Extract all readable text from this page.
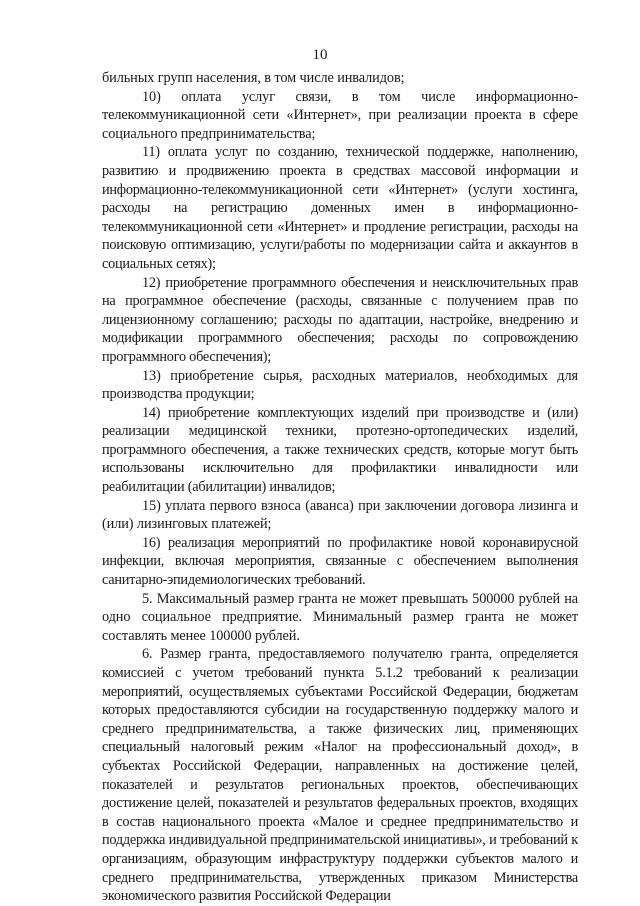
10

бильных групп населения, в том числе инвалидов;

10) оплата услуг связи, в том числе информационно-телекоммуникационной сети «Интернет», при реализации проекта в сфере социального предпринимательства;

11) оплата услуг по созданию, технической поддержке, наполнению, развитию и продвижению проекта в средствах массовой информации и информационно-телекоммуникационной сети «Интернет» (услуги хостинга, расходы на регистрацию доменных имен в информационно-телекоммуникационной сети «Интернет» и продление регистрации, расходы на поисковую оптимизацию, услуги/работы по модернизации сайта и аккаунтов в социальных сетях);

12) приобретение программного обеспечения и неисключительных прав на программное обеспечение (расходы, связанные с получением прав по лицензионному соглашению; расходы по адаптации, настройке, внедрению и модификации программного обеспечения; расходы по сопровождению программного обеспечения);

13) приобретение сырья, расходных материалов, необходимых для производства продукции;

14) приобретение комплектующих изделий при производстве и (или) реализации медицинской техники, протезно-ортопедических изделий, программного обеспечения, а также технических средств, которые могут быть использованы исключительно для профилактики инвалидности или реабилитации (абилитации) инвалидов;

15) уплата первого взноса (аванса) при заключении договора лизинга и (или) лизинговых платежей;

16) реализация мероприятий по профилактике новой коронавирусной инфекции, включая мероприятия, связанные с обеспечением выполнения санитарно-эпидемиологических требований.

5. Максимальный размер гранта не может превышать 500000 рублей на одно социальное предприятие. Минимальный размер гранта не может составлять менее 100000 рублей.

6. Размер гранта, предоставляемого получателю гранта, определяется комиссией с учетом требований пункта 5.1.2 требований к реализации мероприятий, осуществляемых субъектами Российской Федерации, бюджетам которых предоставляются субсидии на государственную поддержку малого и среднего предпринимательства, а также физических лиц, применяющих специальный налоговый режим «Налог на профессиональный доход», в субъектах Российской Федерации, направленных на достижение целей, показателей и результатов региональных проектов, обеспечивающих достижение целей, показателей и результатов федеральных проектов, входящих в состав национального проекта «Малое и среднее предпринимательство и поддержка индивидуальной предпринимательской инициативы», и требований к организациям, образующим инфраструктуру поддержки субъектов малого и среднего предпринимательства, утвержденных приказом Министерства экономического развития Российской Федерации
